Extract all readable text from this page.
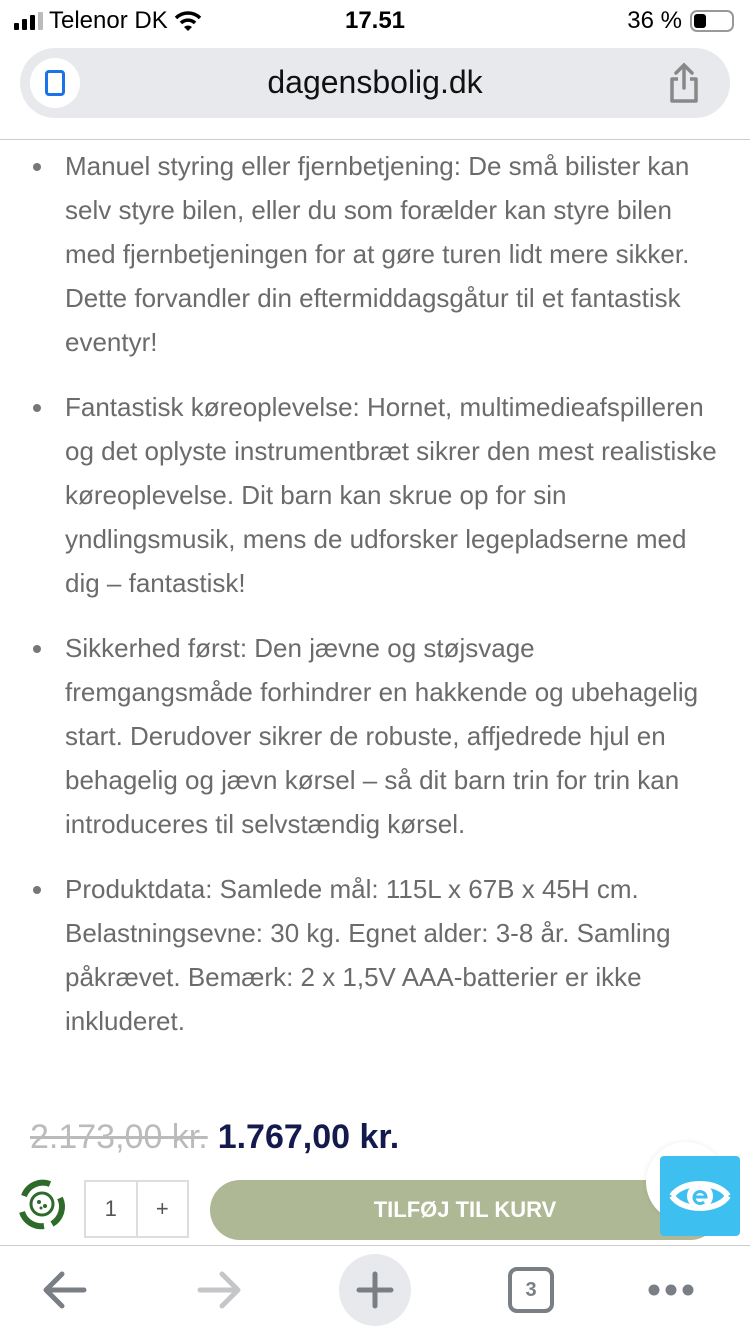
Telenor DK	17.51	36 %
dagensbolig.dk
Manuel styring eller fjernbetjening: De små bilister kan selv styre bilen, eller du som forælder kan styre bilen med fjernbetjeningen for at gøre turen lidt mere sikker. Dette forvandler din eftermiddagsgåtur til et fantastisk eventyr!
Fantastisk køreoplevelse: Hornet, multimedieafspilleren og det oplyste instrumentbræt sikrer den mest realistiske køreoplevelse. Dit barn kan skrue op for sin yndlingsmusik, mens de udforsker legepladserne med dig – fantastisk!
Sikkerhed først: Den jævne og støjsvage fremgangsmåde forhindrer en hakkende og ubehagelig start. Derudover sikrer de robuste, affjedrede hjul en behagelig og jævn kørsel – så dit barn trin for trin kan introduceres til selvstændig kørsel.
Produktdata: Samlede mål: 115L x 67B x 45H cm. Belastningsevne: 30 kg. Egnet alder: 3-8 år. Samling påkrævet. Bemærk: 2 x 1,5V AAA-batterier er ikke inkluderet.
2.173,00 kr. 1.767,00 kr.
1	+	TILFØJ TIL KURV
3
